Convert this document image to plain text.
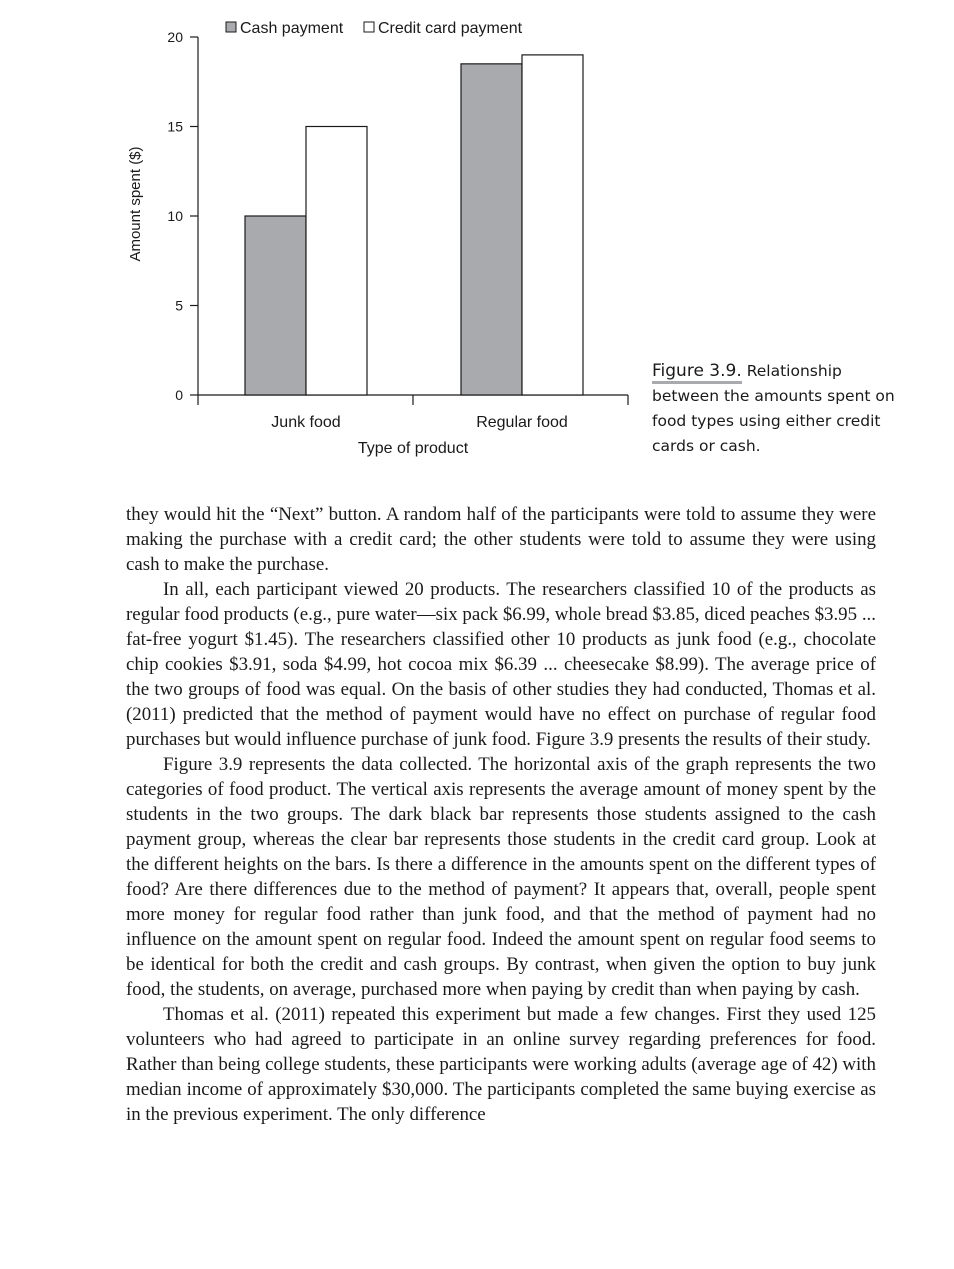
Cash payment Credit card payment
0
5
10
15
20
Junk food	Regular food
Type of product
Amount spent ($)
Figure 3.9. Relationship between the amounts spent on food types using either credit cards or cash.

they would hit the “Next” button. A random half of the participants were told to assume they were making the purchase with a credit card; the other students were told to assume they were using cash to make the purchase.

In all, each participant viewed 20 products. The researchers classified 10 of the products as regular food products (e.g., pure water—six pack $6.99, whole bread $3.85, diced peaches $3.95 ... fat-free yogurt $1.45). The researchers classified other 10 products as junk food (e.g., chocolate chip cookies $3.91, soda $4.99, hot cocoa mix $6.39 ... cheesecake $8.99). The average price of the two groups of food was equal. On the basis of other studies they had conducted, Thomas et al. (2011) predicted that the method of payment would have no effect on purchase of regular food purchases but would influence purchase of junk food. Figure 3.9 presents the results of their study.

Figure 3.9 represents the data collected. The horizontal axis of the graph represents the two categories of food product. The vertical axis represents the average amount of money spent by the students in the two groups. The dark black bar represents those students assigned to the cash payment group, whereas the clear bar represents those students in the credit card group. Look at the different heights on the bars. Is there a difference in the amounts spent on the different types of food? Are there differences due to the method of payment? It appears that, overall, people spent more money for regular food rather than junk food, and that the method of payment had no influence on the amount spent on regular food. Indeed the amount spent on regular food seems to be identical for both the credit and cash groups. By contrast, when given the option to buy junk food, the students, on average, purchased more when paying by credit than when paying by cash.

Thomas et al. (2011) repeated this experiment but made a few changes. First they used 125 volunteers who had agreed to participate in an online survey regarding preferences for food. Rather than being college students, these participants were working adults (average age of 42) with median income of approximately $30,000. The participants completed the same buying exercise as in the previous experiment. The only difference
